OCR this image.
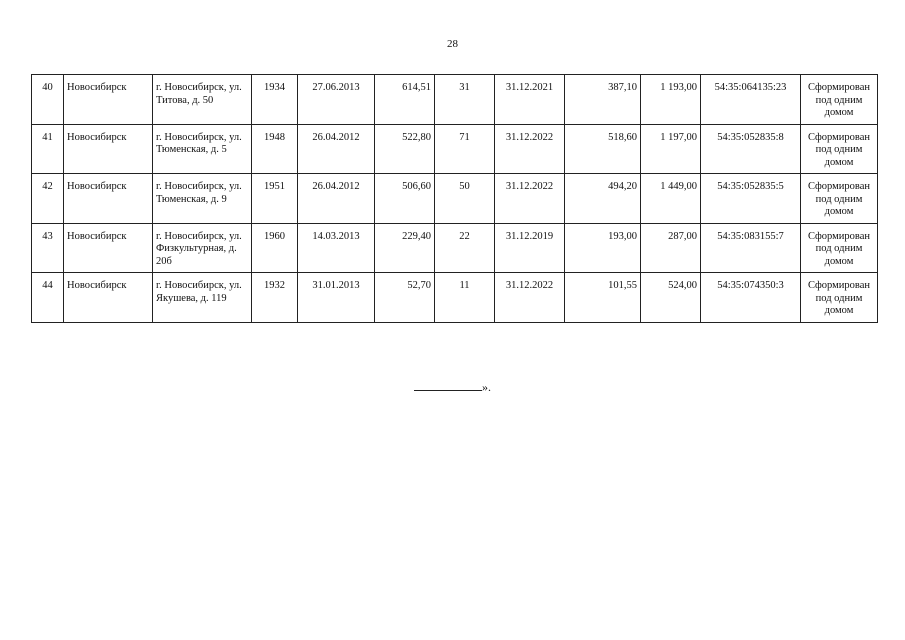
28
40	Новосибирск	г. Новосибирск, ул. Титова, д. 50	1934	27.06.2013	614,51	31	31.12.2021	387,10	1 193,00	54:35:064135:23	Сформирован под одним домом
41	Новосибирск	г. Новосибирск, ул. Тюменская, д. 5	1948	26.04.2012	522,80	71	31.12.2022	518,60	1 197,00	54:35:052835:8	Сформирован под одним домом
42	Новосибирск	г. Новосибирск, ул. Тюменская, д. 9	1951	26.04.2012	506,60	50	31.12.2022	494,20	1 449,00	54:35:052835:5	Сформирован под одним домом
43	Новосибирск	г. Новосибирск, ул. Физкультурная, д. 20б	1960	14.03.2013	229,40	22	31.12.2019	193,00	287,00	54:35:083155:7	Сформирован под одним домом
44	Новосибирск	г. Новосибирск, ул. Якушева, д. 119	1932	31.01.2013	52,70	11	31.12.2022	101,55	524,00	54:35:074350:3	Сформирован под одним домом
».
